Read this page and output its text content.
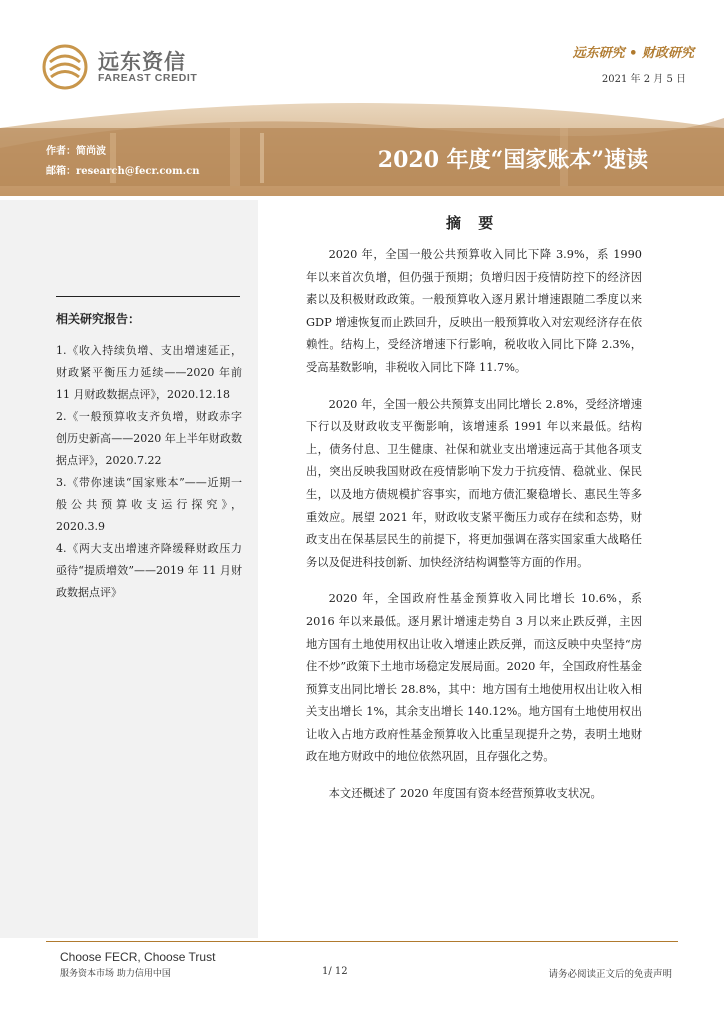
远东资信
FAREAST CREDIT
远东研究 • 财政研究
2021 年 2 月 5 日
作者：简尚波
邮箱：research@fecr.com.cn	2020 年度“国家账本”速读
相关研究报告：
1.《收入持续负增、支出增速延正，财政紧平衡压力延续——2020 年前 11 月财政数据点评》，2020.12.18
2.《一般预算收支齐负增，财政赤字创历史新高——2020 年上半年财政数据点评》，2020.7.22
3.《带你速读“国家账本”——近期一般公共预算收支运行探究》，2020.3.9
4.《两大支出增速齐降缓释财政压力亟待“提质增效”——2019 年 11 月财政数据点评》
摘 要

2020 年，全国一般公共预算收入同比下降 3.9%，系 1990 年以来首次负增，但仍强于预期；负增归因于疫情防控下的经济因素以及积极财政政策。一般预算收入逐月累计增速跟随二季度以来 GDP 增速恢复而止跌回升，反映出一般预算收入对宏观经济存在依赖性。结构上，受经济增速下行影响，税收收入同比下降 2.3%，受高基数影响，非税收入同比下降 11.7%。

2020 年，全国一般公共预算支出同比增长 2.8%，受经济增速下行以及财政收支平衡影响，该增速系 1991 年以来最低。结构上，债务付息、卫生健康、社保和就业支出增速远高于其他各项支出，突出反映我国财政在疫情影响下发力于抗疫情、稳就业、保民生，以及地方债规模扩容事实，而地方债汇聚稳增长、惠民生等多重效应。展望 2021 年，财政收支紧平衡压力或存在续和态势，财政支出在保基层民生的前提下，将更加强调在落实国家重大战略任务以及促进科技创新、加快经济结构调整等方面的作用。

2020 年，全国政府性基金预算收入同比增长 10.6%，系 2016 年以来最低。逐月累计增速走势自 3 月以来止跌反弹，主因地方国有土地使用权出让收入增速止跌反弹，而这反映中央坚持“房住不炒”政策下土地市场稳定发展局面。2020 年，全国政府性基金预算支出同比增长 28.8%，其中：地方国有土地使用权出让收入相关支出增长 1%，其余支出增长 140.12%。地方国有土地使用权出让收入占地方政府性基金预算收入比重呈现提升之势，表明土地财政在地方财政中的地位依然巩固，且存强化之势。

本文还概述了 2020 年度国有资本经营预算收支状况。

Choose FECR, Choose Trust
服务资本市场 助力信用中国	1/ 12	请务必阅读正文后的免责声明
